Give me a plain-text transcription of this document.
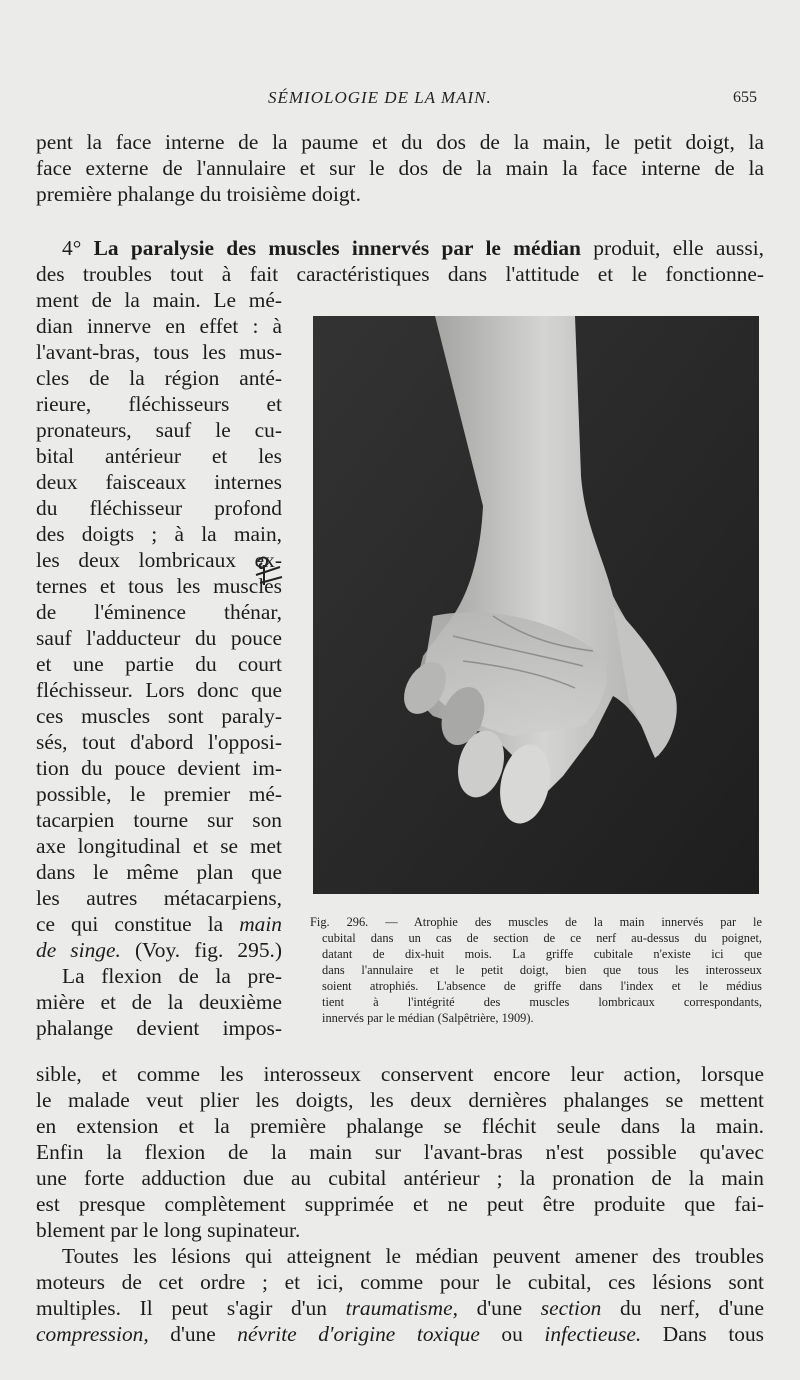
SÉMIOLOGIE DE LA MAIN.	655
pent la face interne de la paume et du dos de la main, le petit doigt, la
face externe de l'annulaire et sur le dos de la main la face interne de la
première phalange du troisième doigt.
4° La paralysie des muscles innervés par le médian produit, elle aussi,
des troubles tout à fait caractéristiques dans l'attitude et le fonctionne-
ment de la main. Le mé-
dian innerve en effet : à
l'avant-bras, tous les mus-
cles de la région anté-
rieure, fléchisseurs et
pronateurs, sauf le cu-
bital antérieur et les
deux faisceaux internes
du fléchisseur profond
des doigts ; à la main,
les deux lombricaux ex-
ternes et tous les muscles
de l'éminence thénar,
sauf l'adducteur du pouce
et une partie du court
fléchisseur. Lors donc que
ces muscles sont paraly-
sés, tout d'abord l'opposi-
tion du pouce devient im-
possible, le premier mé-
tacarpien tourne sur son
axe longitudinal et se met
dans le même plan que
les autres métacarpiens,
ce qui constitue la main
de singe. (Voy. fig. 295.)
La flexion de la pre-
mière et de la deuxième
phalange devient impos-
Fig. 296. — Atrophie des muscles de la main innervés par le
cubital dans un cas de section de ce nerf au-dessus du poignet,
datant de dix-huit mois. La griffe cubitale n'existe ici que
dans l'annulaire et le petit doigt, bien que tous les interosseux
soient atrophiés. L'absence de griffe dans l'index et le médius
tient à l'intégrité des muscles lombricaux correspondants,
innervés par le médian (Salpêtrière, 1909).
sible, et comme les interosseux conservent encore leur action, lorsque
le malade veut plier les doigts, les deux dernières phalanges se mettent
en extension et la première phalange se fléchit seule dans la main.
Enfin la flexion de la main sur l'avant-bras n'est possible qu'avec
une forte adduction due au cubital antérieur ; la pronation de la main
est presque complètement supprimée et ne peut être produite que fai-
blement par le long supinateur.
Toutes les lésions qui atteignent le médian peuvent amener des troubles
moteurs de cet ordre ; et ici, comme pour le cubital, ces lésions sont
multiples. Il peut s'agir d'un traumatisme, d'une section du nerf, d'une
compression, d'une névrite d'origine toxique ou infectieuse. Dans tous
